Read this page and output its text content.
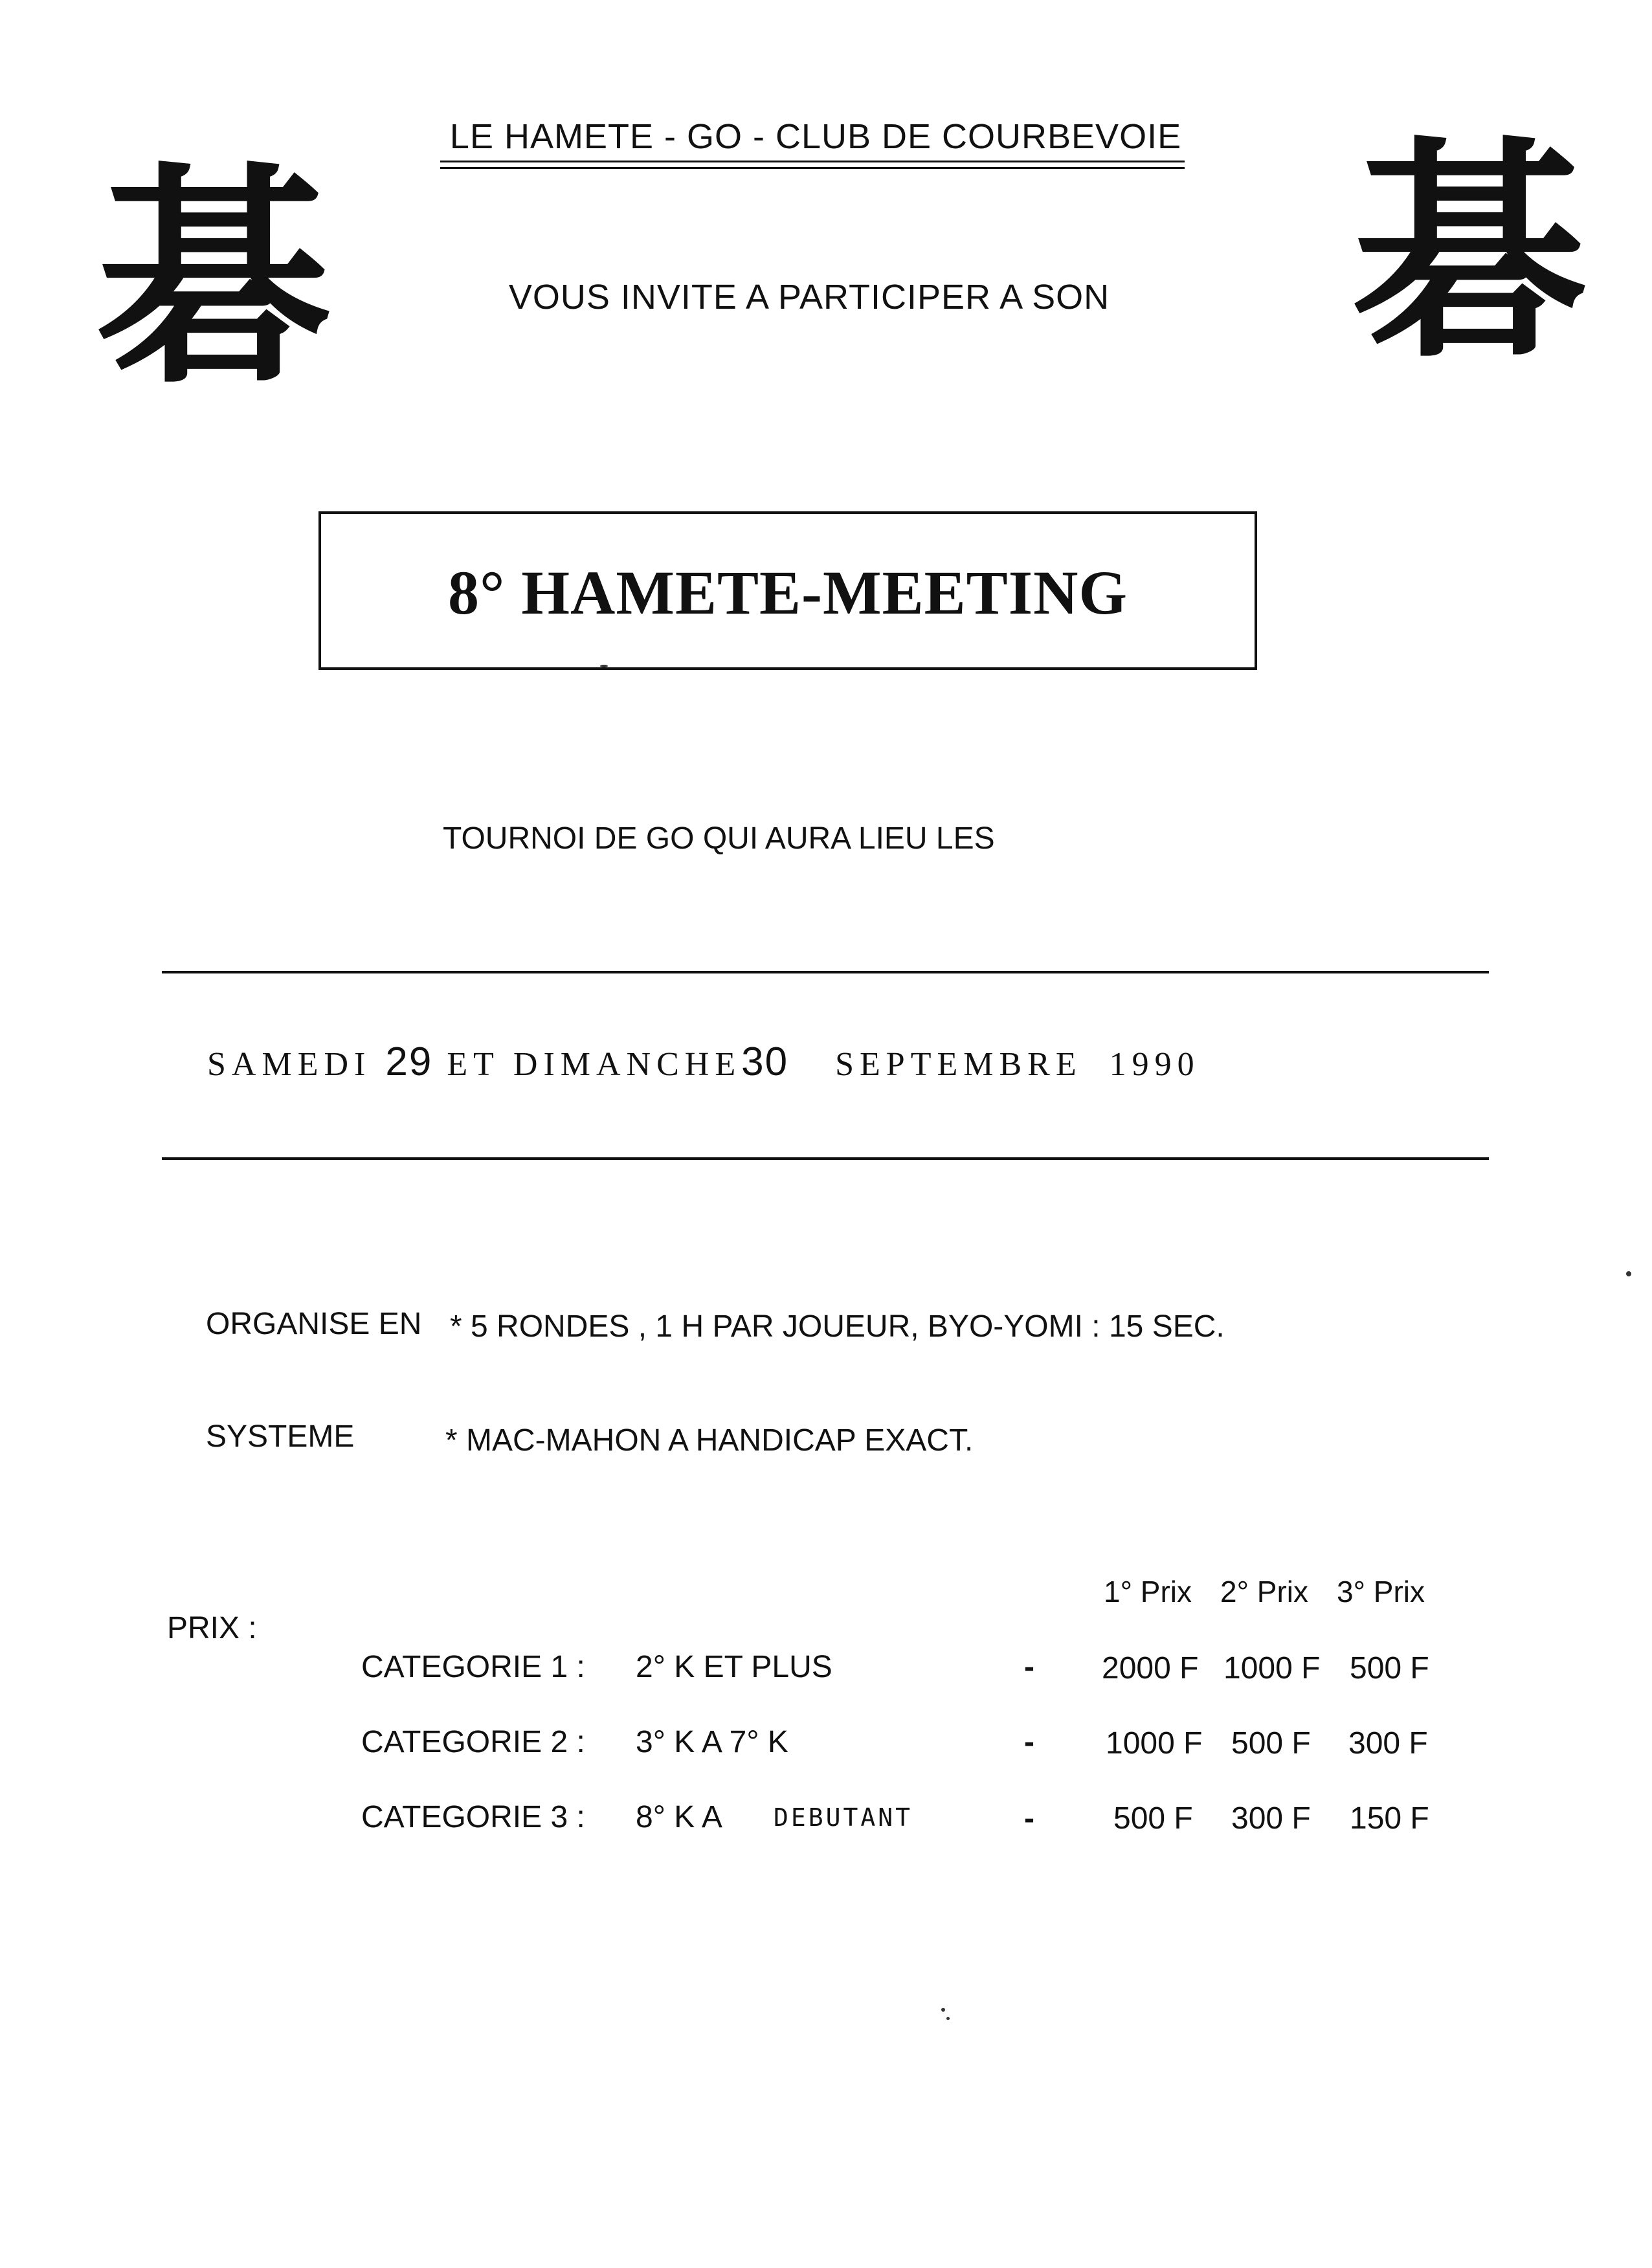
碁	碁
LE HAMETE - GO - CLUB DE COURBEVOIE
VOUS INVITE A PARTICIPER A SON
8° HAMETE-MEETING
TOURNOI DE GO QUI AURA LIEU LES
SAMEDI 29 ET DIMANCHE30 SEPTEMBRE 1990
ORGANISE EN * 5 RONDES , 1 H PAR JOUEUR, BYO-YOMI : 15 SEC.
SYSTEME	* MAC-MAHON A HANDICAP EXACT.
1° Prix 2° Prix 3° Prix
PRIX :
CATEGORIE 1 : 2° K ET PLUS	- 2000 F 1000 F 500 F
CATEGORIE 2 : 3° K A 7° K	- 1000 F 500 F 300 F
CATEGORIE 3 : 8° K A DEBUTANT	-	500 F 300 F 150 F
